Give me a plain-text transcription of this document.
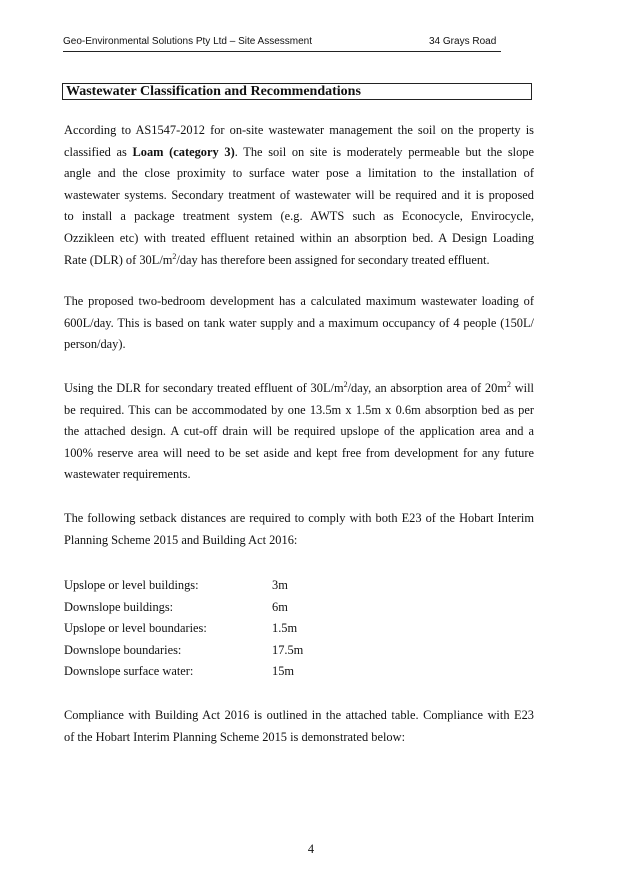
Geo-Environmental Solutions Pty Ltd – Site Assessment	34 Grays Road
Wastewater Classification and Recommendations

According to AS1547-2012 for on-site wastewater management the soil on the property is
classified as Loam (category 3). The soil on site is moderately permeable but the slope
angle and the close proximity to surface water pose a limitation to the installation of
wastewater systems. Secondary treatment of wastewater will be required and it is proposed
to install a package treatment system (e.g. AWTS such as Econocycle, Envirocycle,
Ozzikleen etc) with treated effluent retained within an absorption bed. A Design Loading
Rate (DLR) of $30L/m^2$/day has therefore been assigned for secondary treated effluent.

The proposed two-bedroom development has a calculated maximum wastewater loading of
600L/day. This is based on tank water supply and a maximum occupancy of 4 people (150L/
person/day).

Using the DLR for secondary treated effluent of $30L/m^2$/day, an absorption area of $20m^2$ will
be required. This can be accommodated by one 13.5m x 1.5m x 0.6m absorption bed as per
the attached design. A cut-off drain will be required upslope of the application area and a
100% reserve area will need to be set aside and kept free from development for any future
wastewater requirements.

The following setback distances are required to comply with both E23 of the Hobart Interim
Planning Scheme 2015 and Building Act 2016:

Upslope or level buildings:	3m
Downslope buildings:	6m
Upslope or level boundaries:	1.5m
Downslope boundaries:	17.5m
Downslope surface water:	15m

Compliance with Building Act 2016 is outlined in the attached table. Compliance with E23
of the Hobart Interim Planning Scheme 2015 is demonstrated below:

4
